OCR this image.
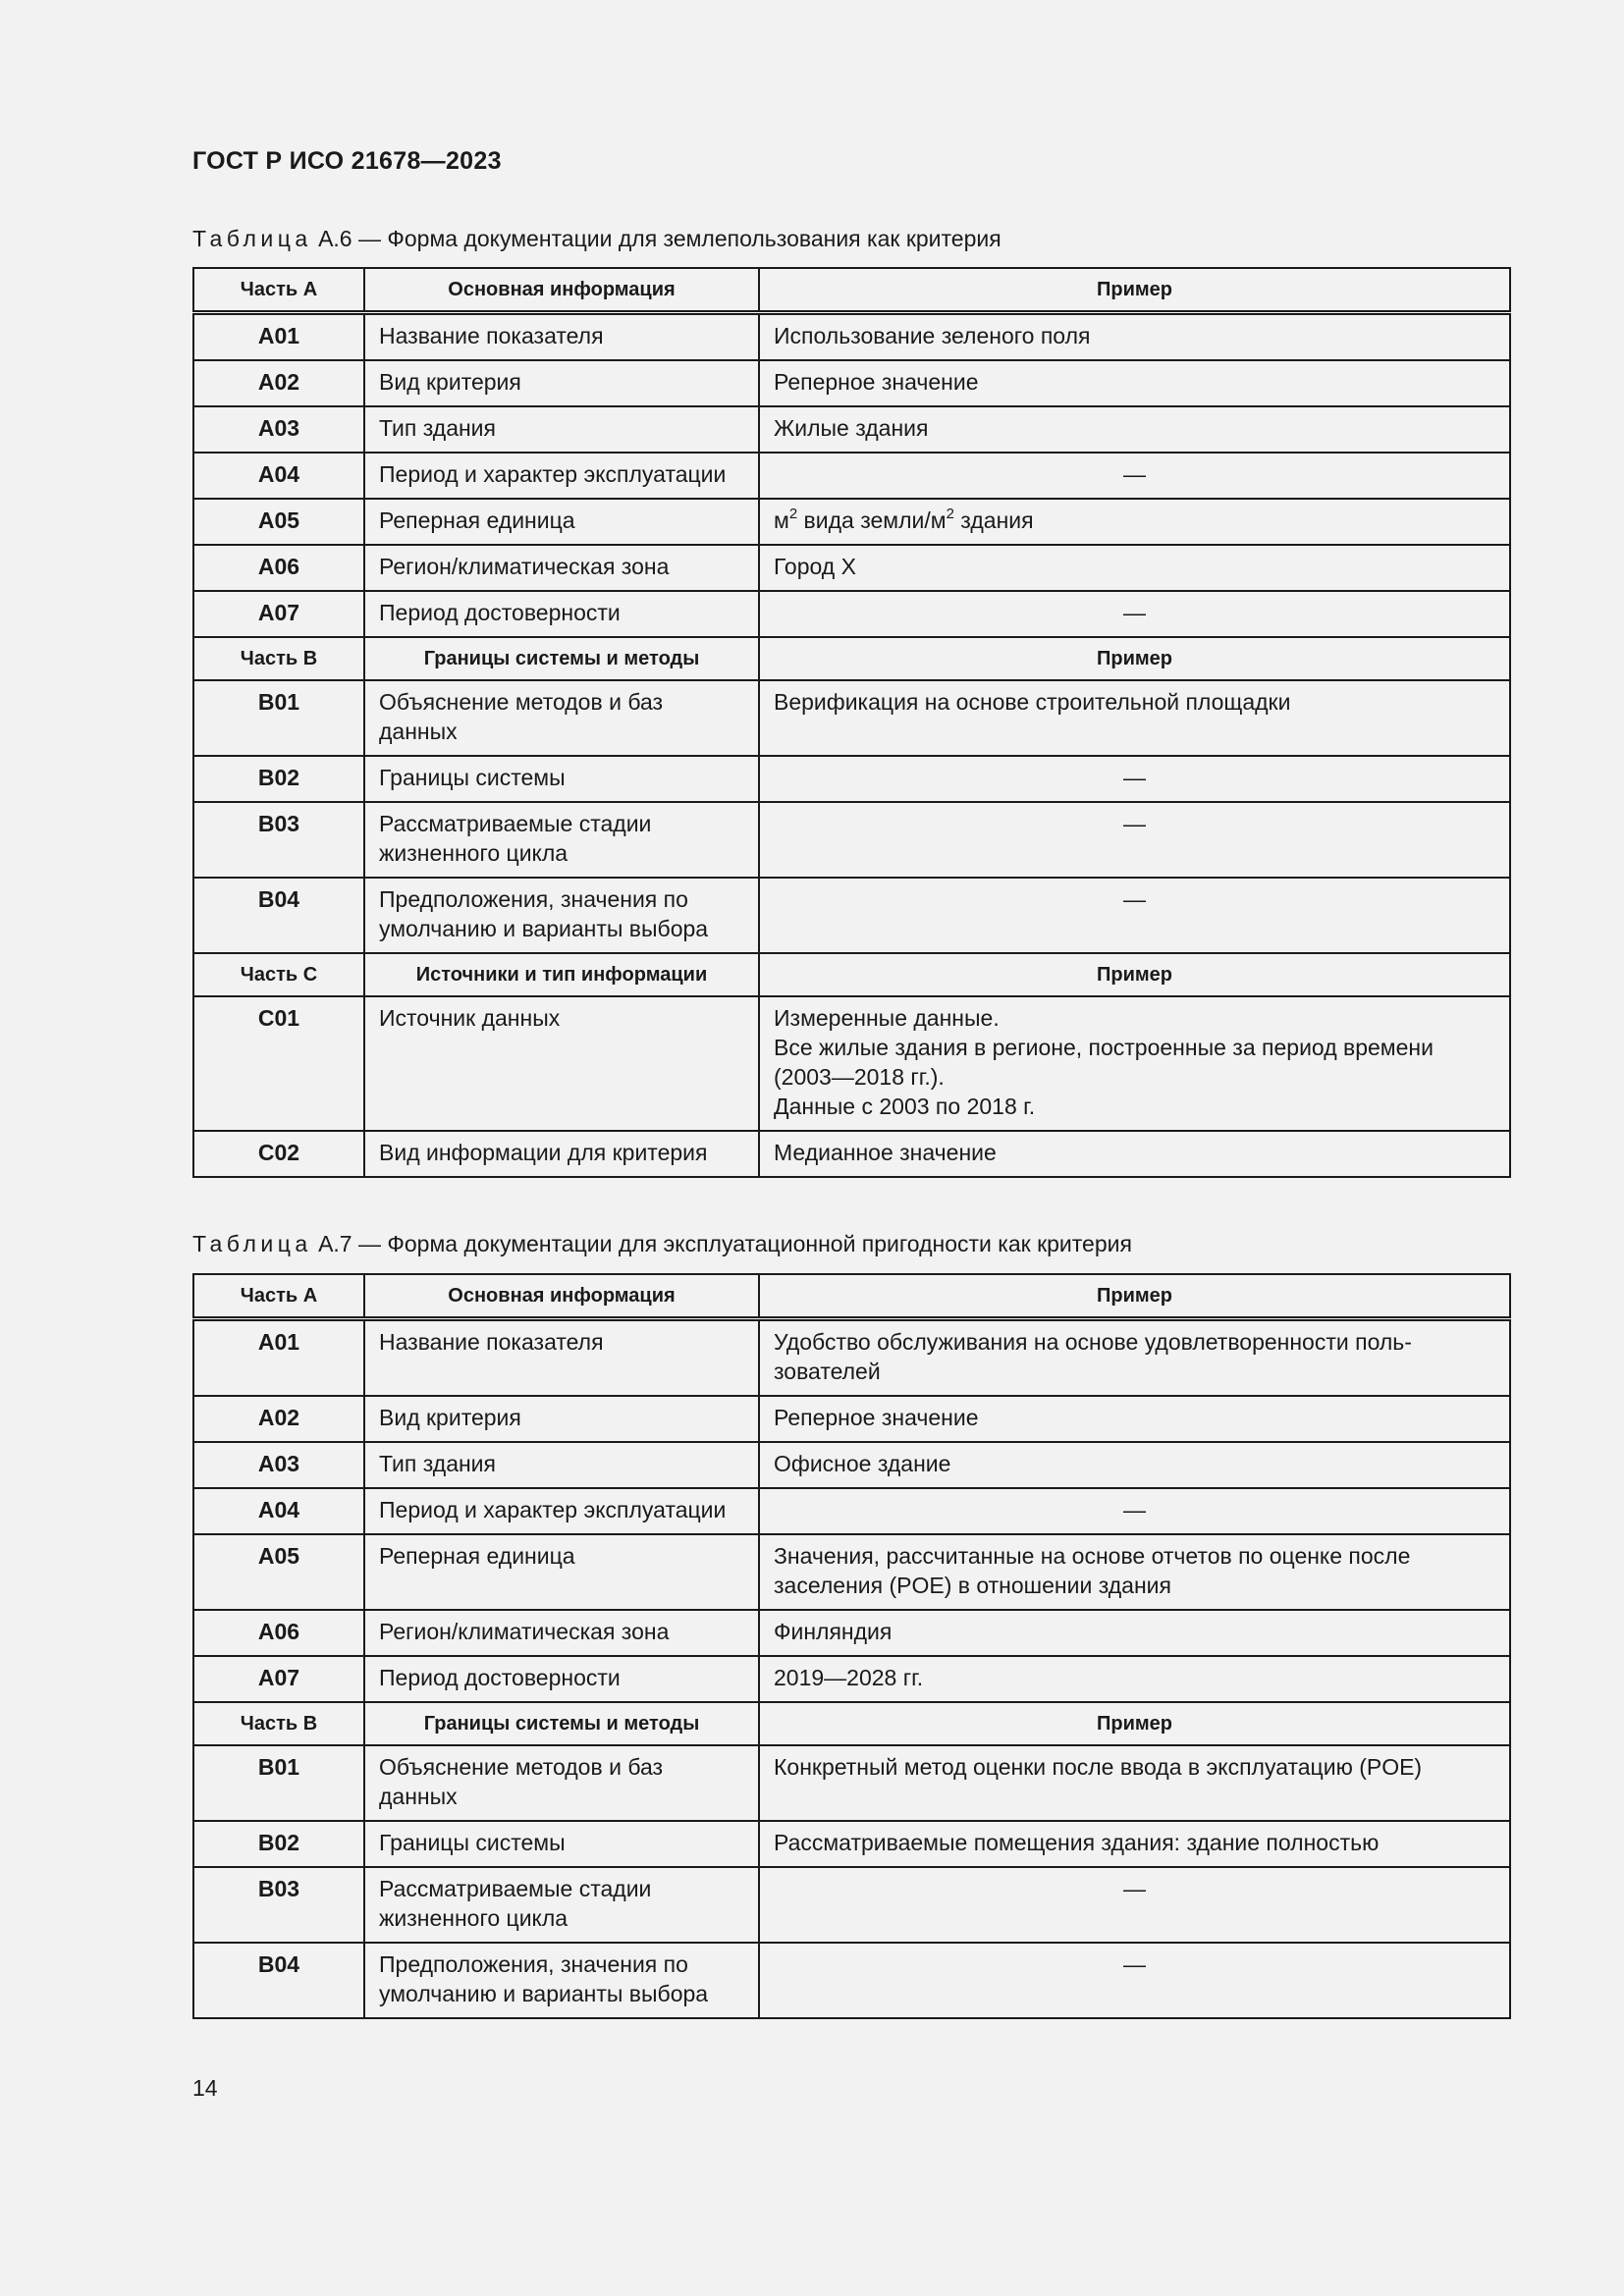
ГОСТ Р ИСО 21678—2023
Таблица А.6 — Форма документации для землепользования как критерия
Часть А	Основная информация	Пример
A01	Название показателя	Использование зеленого поля
A02	Вид критерия	Реперное значение
A03	Тип здания	Жилые здания
A04	Период и характер эксплуатации	—
A05	Реперная единица	$м^2$ вида земли/$м^2$ здания
A06	Регион/климатическая зона	Город X
A07	Период достоверности	—
Часть В	Границы системы и методы	Пример
B01	Объяснение методов и баз данных	Верификация на основе строительной площадки
B02	Границы системы	—
B03	Рассматриваемые стадии жизненного цикла	—
B04	Предположения, значения по умолчанию и варианты выбора	—
Часть С	Источники и тип информации	Пример
C01	Источник данных	Измеренные данные.
Все жилые здания в регионе, построенные за период времени (2003—2018 гг.).
Данные с 2003 по 2018 г.
C02	Вид информации для критерия	Медианное значение
Таблица А.7 — Форма документации для эксплуатационной пригодности как критерия
Часть А	Основная информация	Пример
A01	Название показателя	Удобство обслуживания на основе удовлетворенности поль-зователей
A02	Вид критерия	Реперное значение
A03	Тип здания	Офисное здание
A04	Период и характер эксплуатации	—
A05	Реперная единица	Значения, рассчитанные на основе отчетов по оценке после заселения (POE) в отношении здания
A06	Регион/климатическая зона	Финляндия
A07	Период достоверности	2019—2028 гг.
Часть В	Границы системы и методы	Пример
B01	Объяснение методов и баз данных	Конкретный метод оценки после ввода в эксплуатацию (POE)
B02	Границы системы	Рассматриваемые помещения здания: здание полностью
B03	Рассматриваемые стадии жизненного цикла	—
B04	Предположения, значения по умолчанию и варианты выбора	—
14
